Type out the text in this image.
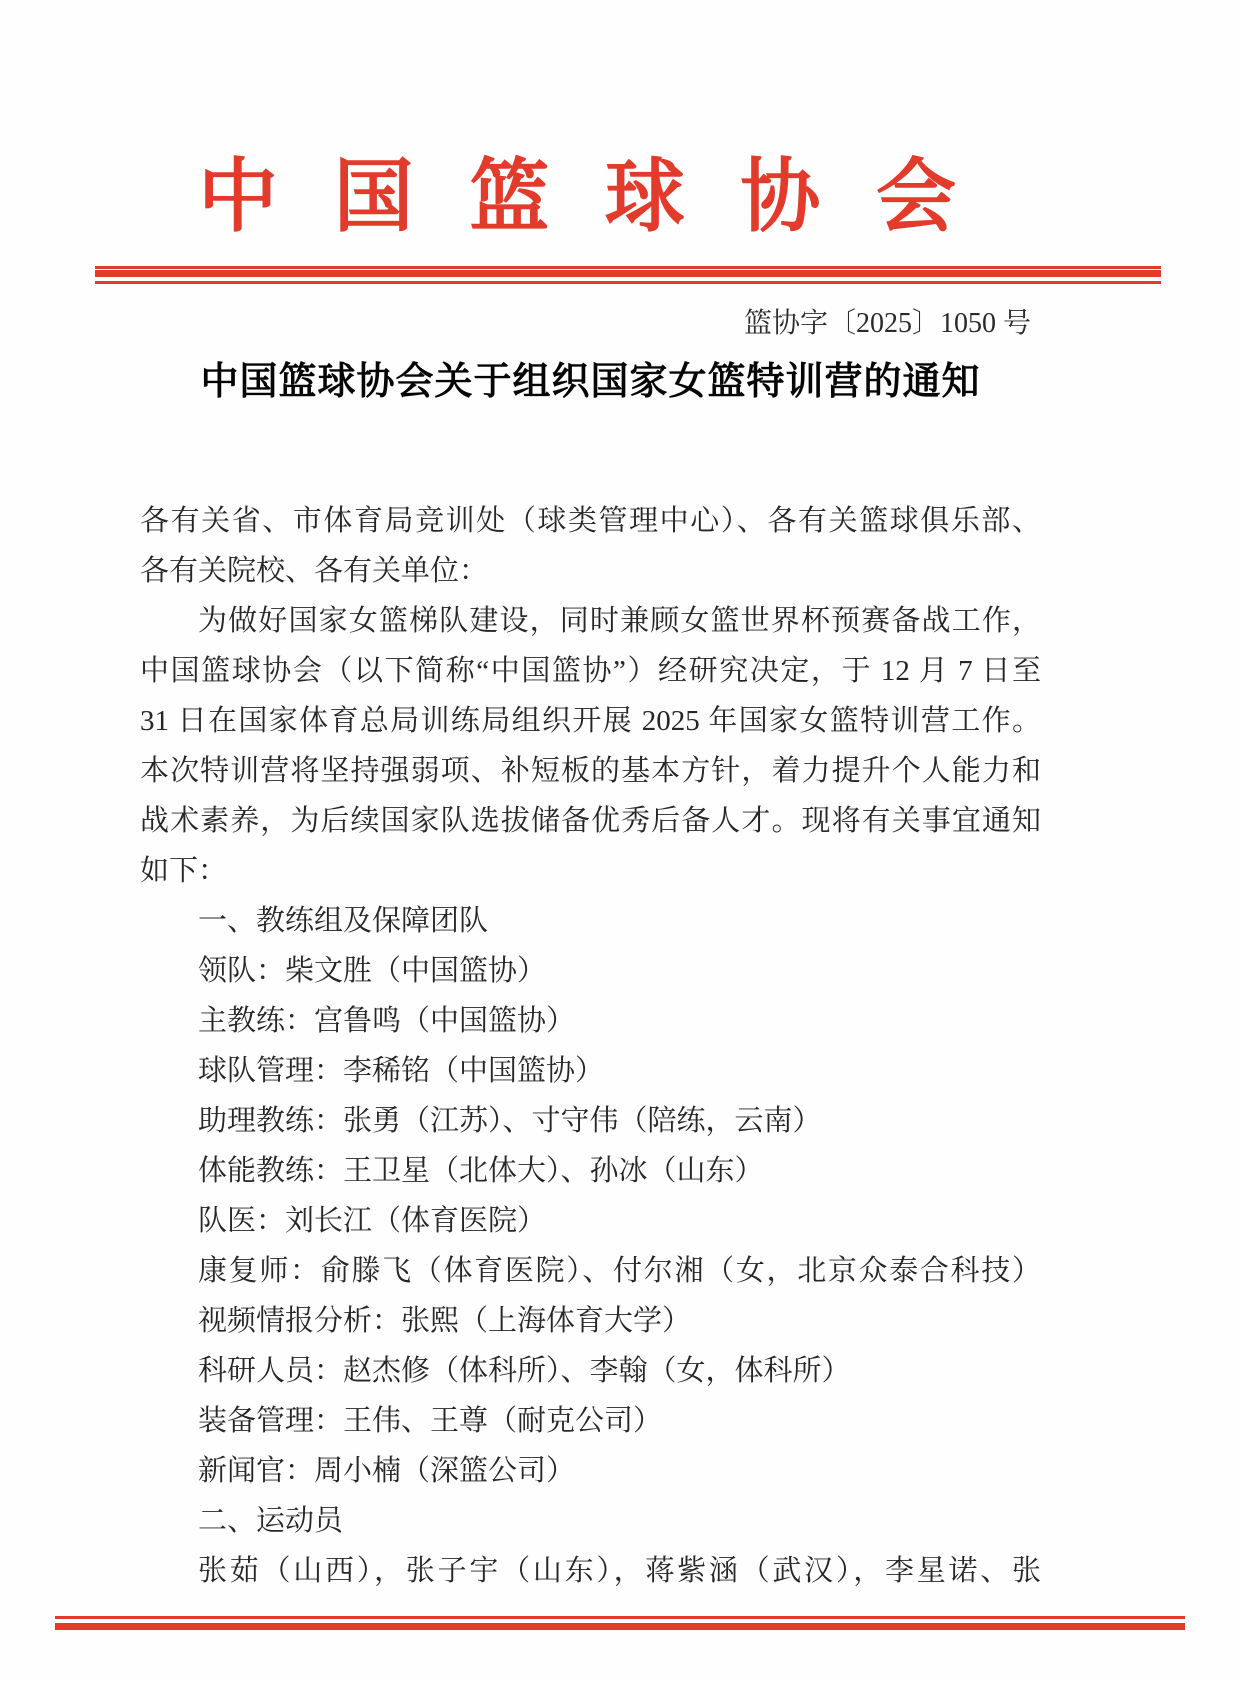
中国篮球协会
篮协字〔2025〕1050 号
中国篮球协会关于组织国家女篮特训营的通知

各有关省、市体育局竞训处（球类管理中心）、各有关篮球俱乐部、

各有关院校、各有关单位：

为做好国家女篮梯队建设，同时兼顾女篮世界杯预赛备战工作，

中国篮球协会（以下简称“中国篮协”）经研究决定，于 12 月 7 日至

31 日在国家体育总局训练局组织开展 2025 年国家女篮特训营工作。

本次特训营将坚持强弱项、补短板的基本方针，着力提升个人能力和

战术素养，为后续国家队选拔储备优秀后备人才。现将有关事宜通知

如下：

一、教练组及保障团队

领队：柴文胜（中国篮协）

主教练：宫鲁鸣（中国篮协）

球队管理：李稀铭（中国篮协）

助理教练：张勇（江苏）、寸守伟（陪练，云南）

体能教练：王卫星（北体大）、孙冰（山东）

队医：刘长江（体育医院）

康复师：俞滕飞（体育医院）、付尔湘（女，北京众泰合科技）

视频情报分析：张熙（上海体育大学）

科研人员：赵杰修（体科所）、李翰（女，体科所）

装备管理：王伟、王尊（耐克公司）

新闻官：周小楠（深篮公司）

二、运动员

张茹（山西），张子宇（山东），蒋紫涵（武汉），李星诺、张
